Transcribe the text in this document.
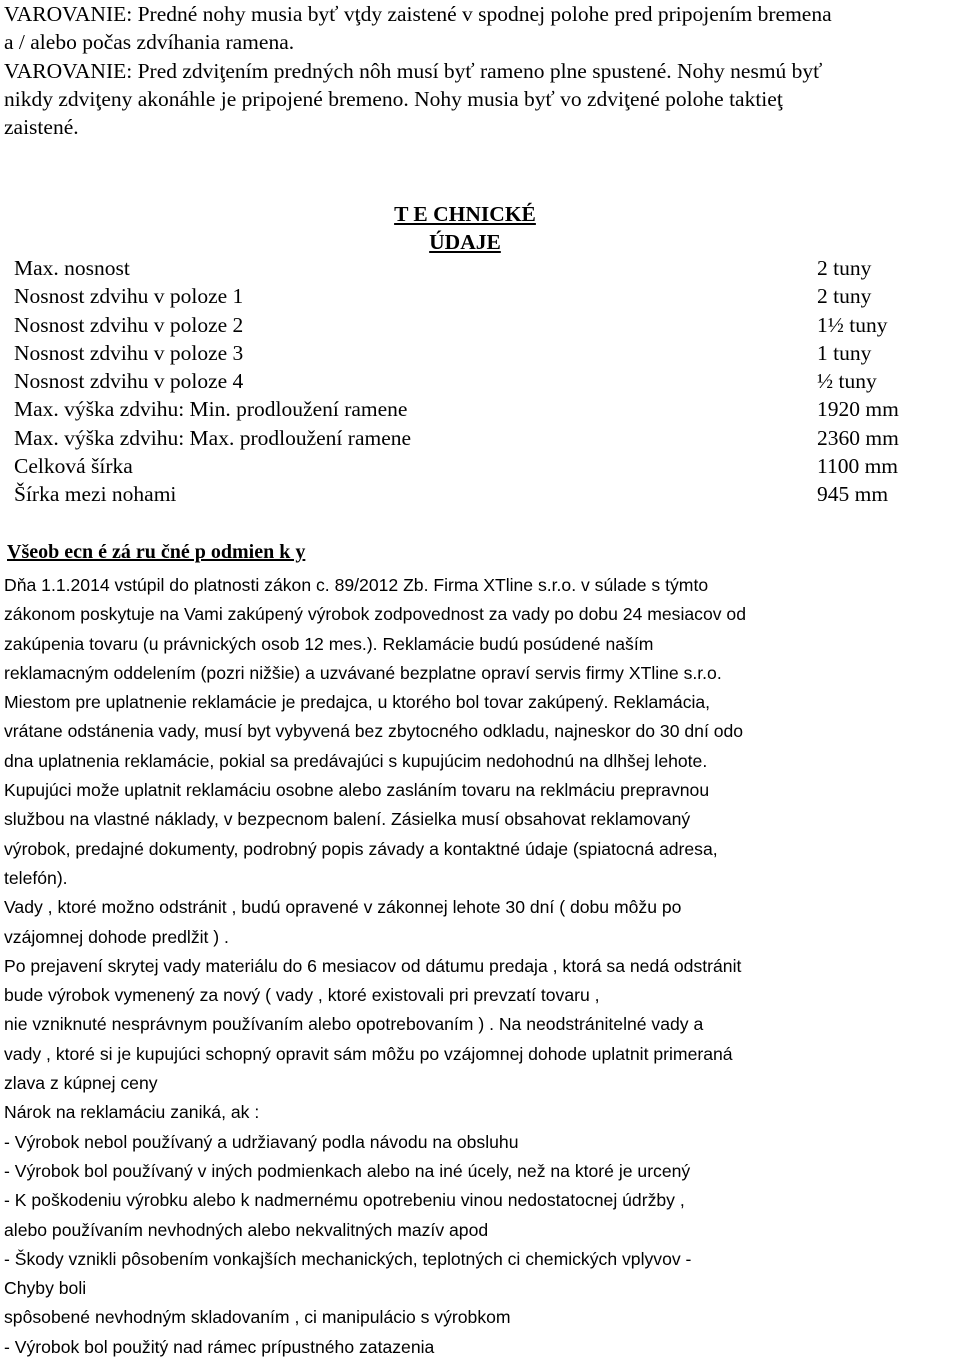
VAROVANIE: Predné nohy musia byť vţdy zaistené v spodnej polohe pred pripojením bremena
a / alebo počas zdvíhania ramena.
VAROVANIE: Pred zdviţením predných nôh musí byť rameno plne spustené. Nohy nesmú byť
nikdy zdviţeny akonáhle je pripojené bremeno. Nohy musia byť vo zdviţené polohe taktieţ
zaistené.
T E CHNICKÉ
ÚDAJE
Max. nosnost	2 tuny
Nosnost zdvihu v poloze 1	2 tuny
Nosnost zdvihu v poloze 2	1½ tuny
Nosnost zdvihu v poloze 3	1 tuny
Nosnost zdvihu v poloze 4	½ tuny
Max. výška zdvihu: Min. prodloužení ramene	1920 mm
Max. výška zdvihu: Max. prodloužení ramene	2360 mm
Celková šírka	1100 mm
Šírka mezi nohami	945 mm
Všeob ecn é zá ru čné p odmien k y
Dňa 1.1.2014 vstúpil do platnosti zákon c. 89/2012 Zb. Firma XTline s.r.o. v súlade s týmto
zákonom poskytuje na Vami zakúpený výrobok zodpovednost za vady po dobu 24 mesiacov od
zakúpenia tovaru (u právnických osob 12 mes.). Reklamácie budú posúdené naším
reklamacným oddelením (pozri nižšie) a uzvávané bezplatne opraví servis firmy XTline s.r.o.
Miestom pre uplatnenie reklamácie je predajca, u ktorého bol tovar zakúpený. Reklamácia,
vrátane odstánenia vady, musí byt vybyvená bez zbytocného odkladu, najneskor do 30 dní odo
dna uplatnenia reklamácie, pokial sa predávajúci s kupujúcim nedohodnú na dlhšej lehote.
Kupujúci može uplatnit reklamáciu osobne alebo zasláním tovaru na reklmáciu prepravnou
službou na vlastné náklady, v bezpecnom balení. Zásielka musí obsahovat reklamovaný
výrobok, predajné dokumenty, podrobný popis závady a kontaktné údaje (spiatocná adresa,
telefón).
Vady , ktoré možno odstránit , budú opravené v zákonnej lehote 30 dní ( dobu môžu po
vzájomnej dohode predlžit ) .
Po prejavení skrytej vady materiálu do 6 mesiacov od dátumu predaja , ktorá sa nedá odstránit
bude výrobok vymenený za nový ( vady , ktoré existovali pri prevzatí tovaru ,
nie vzniknuté nesprávnym používaním alebo opotrebovaním ) . Na neodstránitelné vady a
vady , ktoré si je kupujúci schopný opravit sám môžu po vzájomnej dohode uplatnit primeraná
zlava z kúpnej ceny
Nárok na reklamáciu zaniká, ak :
- Výrobok nebol používaný a udržiavaný podla návodu na obsluhu
- Výrobok bol používaný v iných podmienkach alebo na iné úcely, než na ktoré je urcený
- K poškodeniu výrobku alebo k nadmernému opotrebeniu vinou nedostatocnej údržby ,
alebo používaním nevhodných alebo nekvalitných mazív apod
- Škody vznikli pôsobením vonkajších mechanických, teplotných ci chemických vplyvov -
Chyby boli
spôsobené nevhodným skladovaním , ci manipulácio s výrobkom
- Výrobok bol použitý nad rámec prípustného zatazenia
